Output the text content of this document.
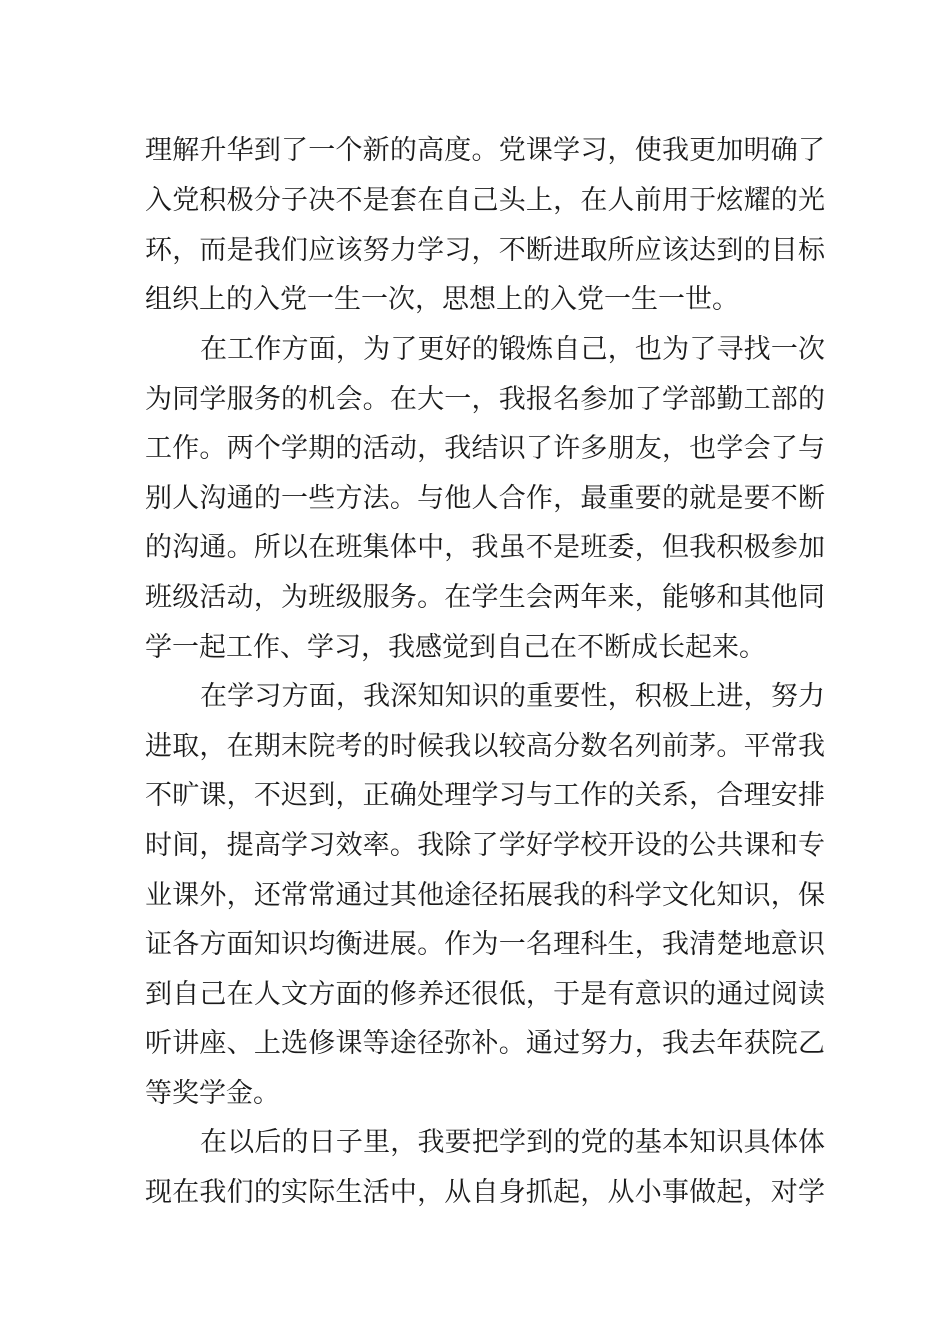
理解升华到了一个新的高度。党课学习，使我更加明确了
入党积极分子决不是套在自己头上，在人前用于炫耀的光
环，而是我们应该努力学习，不断进取所应该达到的目标
组织上的入党一生一次，思想上的入党一生一世。
在工作方面，为了更好的锻炼自己，也为了寻找一次
为同学服务的机会。在大一，我报名参加了学部勤工部的
工作。两个学期的活动，我结识了许多朋友，也学会了与
别人沟通的一些方法。与他人合作，最重要的就是要不断
的沟通。所以在班集体中，我虽不是班委，但我积极参加
班级活动，为班级服务。在学生会两年来，能够和其他同
学一起工作、学习，我感觉到自己在不断成长起来。
在学习方面，我深知知识的重要性，积极上进，努力
进取，在期末院考的时候我以较高分数名列前茅。平常我
不旷课，不迟到，正确处理学习与工作的关系，合理安排
时间，提高学习效率。我除了学好学校开设的公共课和专
业课外，还常常通过其他途径拓展我的科学文化知识，保
证各方面知识均衡进展。作为一名理科生，我清楚地意识
到自己在人文方面的修养还很低，于是有意识的通过阅读
听讲座、上选修课等途径弥补。通过努力，我去年获院乙
等奖学金。
在以后的日子里，我要把学到的党的基本知识具体体
现在我们的实际生活中，从自身抓起，从小事做起，对学
